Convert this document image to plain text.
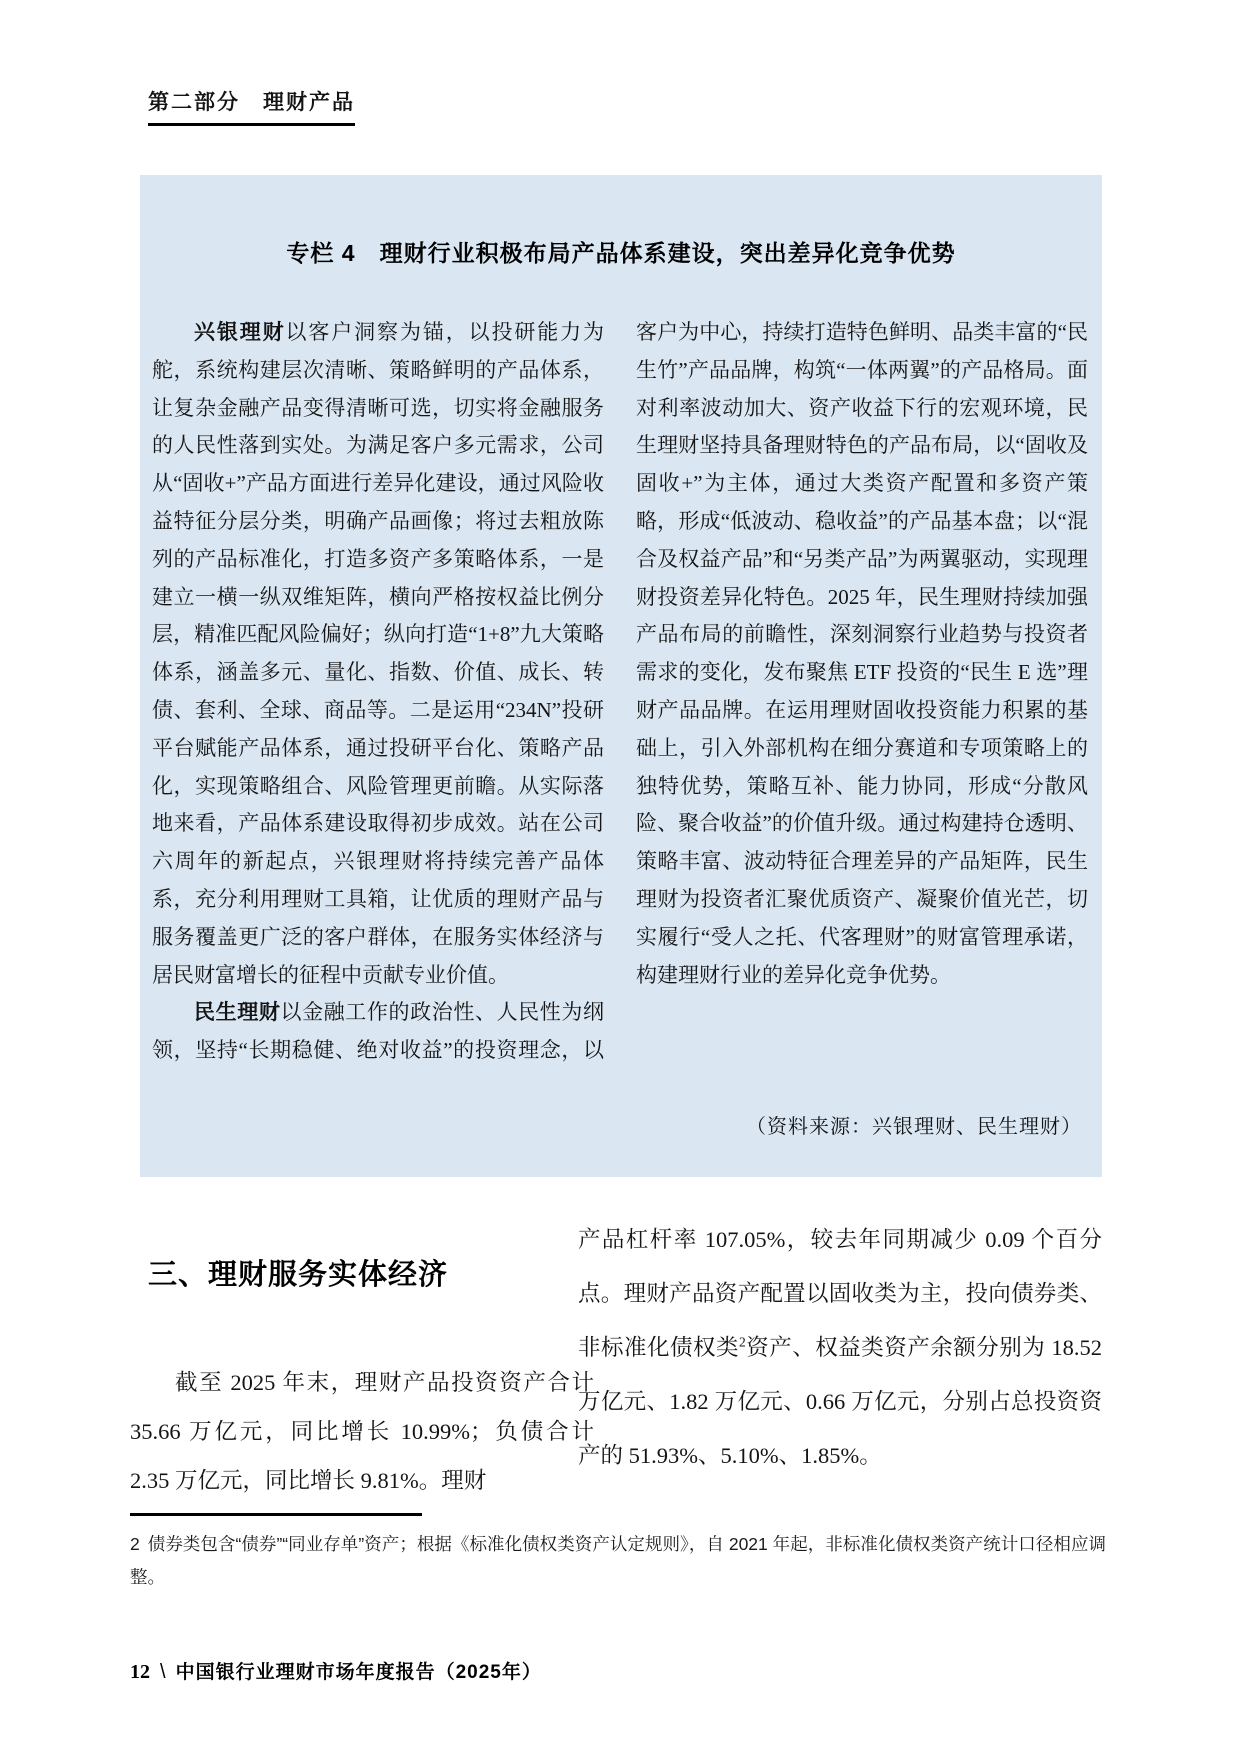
第二部分　理财产品
专栏 4　理财行业积极布局产品体系建设，突出差异化竞争优势

兴银理财以客户洞察为锚，以投研能力为舵，系统构建层次清晰、策略鲜明的产品体系，让复杂金融产品变得清晰可选，切实将金融服务的人民性落到实处。为满足客户多元需求，公司从“固收+”产品方面进行差异化建设，通过风险收益特征分层分类，明确产品画像；将过去粗放陈列的产品标准化，打造多资产多策略体系，一是建立一横一纵双维矩阵，横向严格按权益比例分层，精准匹配风险偏好；纵向打造“1+8”九大策略体系，涵盖多元、量化、指数、价值、成长、转债、套利、全球、商品等。二是运用“234N”投研平台赋能产品体系，通过投研平台化、策略产品化，实现策略组合、风险管理更前瞻。从实际落地来看，产品体系建设取得初步成效。站在公司六周年的新起点，兴银理财将持续完善产品体系，充分利用理财工具箱，让优质的理财产品与服务覆盖更广泛的客户群体，在服务实体经济与居民财富增长的征程中贡献专业价值。

民生理财以金融工作的政治性、人民性为纲领，坚持“长期稳健、绝对收益”的投资理念，以客户为中心，持续打造特色鲜明、品类丰富的“民生竹”产品品牌，构筑“一体两翼”的产品格局。面对利率波动加大、资产收益下行的宏观环境，民生理财坚持具备理财特色的产品布局，以“固收及固收+”为主体，通过大类资产配置和多资产策略，形成“低波动、稳收益”的产品基本盘；以“混合及权益产品”和“另类产品”为两翼驱动，实现理财投资差异化特色。2025 年，民生理财持续加强产品布局的前瞻性，深刻洞察行业趋势与投资者需求的变化，发布聚焦 ETF 投资的“民生 E 选”理财产品品牌。在运用理财固收投资能力积累的基础上，引入外部机构在细分赛道和专项策略上的独特优势，策略互补、能力协同，形成“分散风险、聚合收益”的价值升级。通过构建持仓透明、策略丰富、波动特征合理差异的产品矩阵，民生理财为投资者汇聚优质资产、凝聚价值光芒，切实履行“受人之托、代客理财”的财富管理承诺，构建理财行业的差异化竞争优势。

（资料来源：兴银理财、民生理财）
三、理财服务实体经济

产品杠杆率 107.05%，较去年同期减少 0.09 个百分点。理财产品资产配置以固收类为主，投向债券类、非标准化债权类$^2$资产、权益类资产余额分别为 18.52 万亿元、1.82 万亿元、0.66 万亿元，分别占总投资资产的 51.93%、5.10%、1.85%。

截至 2025 年末，理财产品投资资产合计 35.66 万亿元，同比增长 10.99%；负债合计 2.35 万亿元，同比增长 9.81%。理财

2 债券类包含“债券”“同业存单”资产；根据《标准化债权类资产认定规则》，自 2021 年起，非标准化债权类资产统计口径相应调整。
12 \ 中国银行业理财市场年度报告（2025年）
